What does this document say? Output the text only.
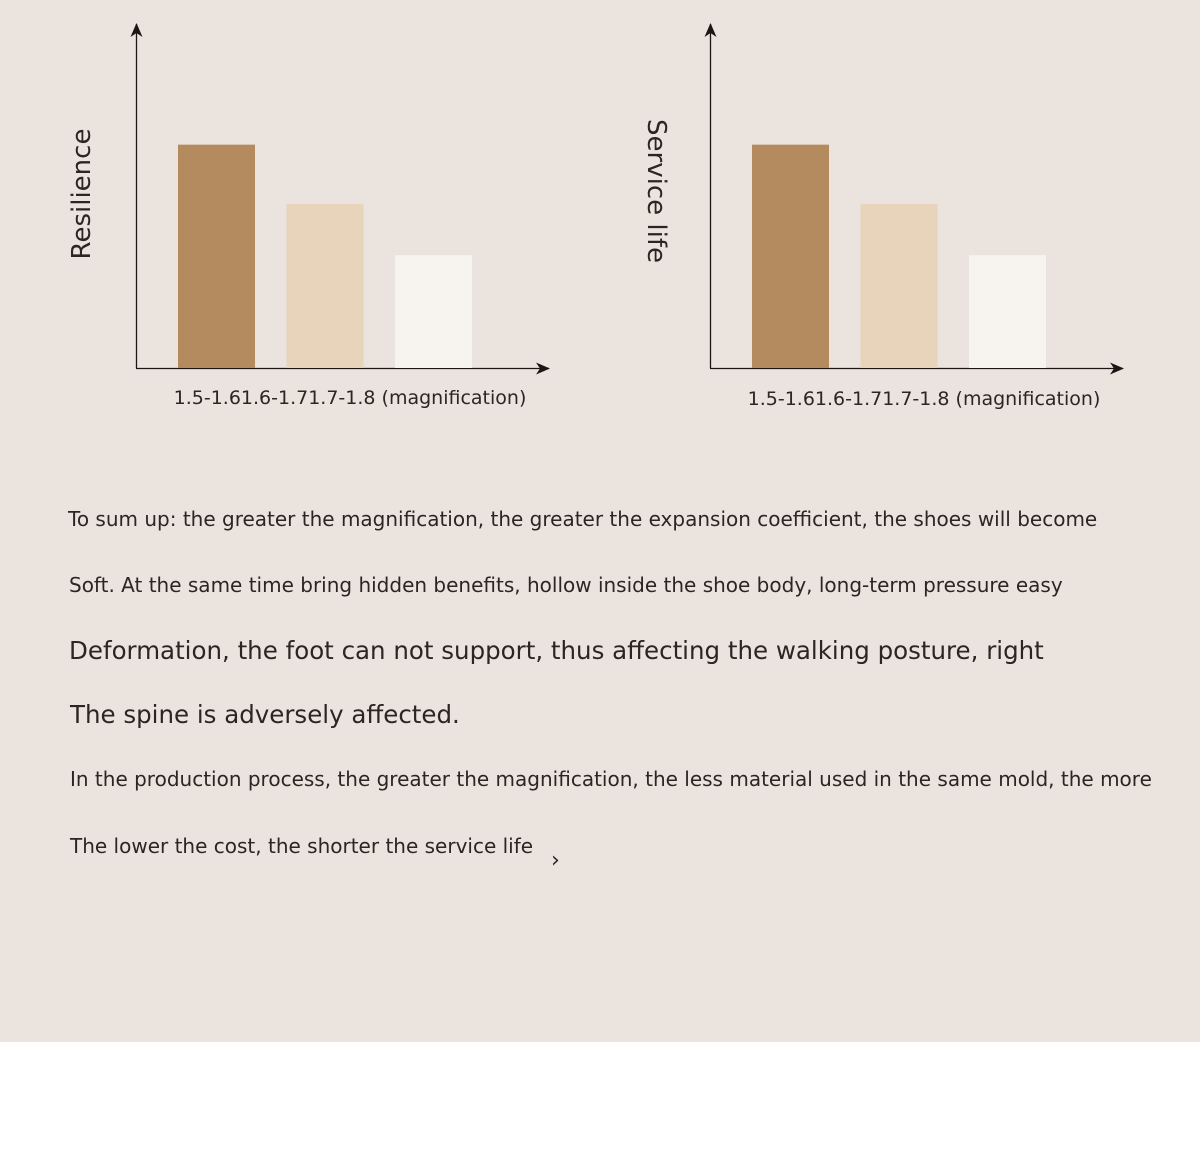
Resilience
1.5-1.61.6-1.71.7-1.8 (magnification)
Service life
1.5-1.61.6-1.71.7-1.8 (magnification)

To sum up: the greater the magnification, the greater the expansion coefficient, the shoes will become

Soft. At the same time bring hidden benefits, hollow inside the shoe body, long-term pressure easy

Deformation, the foot can not support, thus affecting the walking posture, right

The spine is adversely affected.

In the production process, the greater the magnification, the less material used in the same mold, the more

The lower the cost, the shorter the service life

›
